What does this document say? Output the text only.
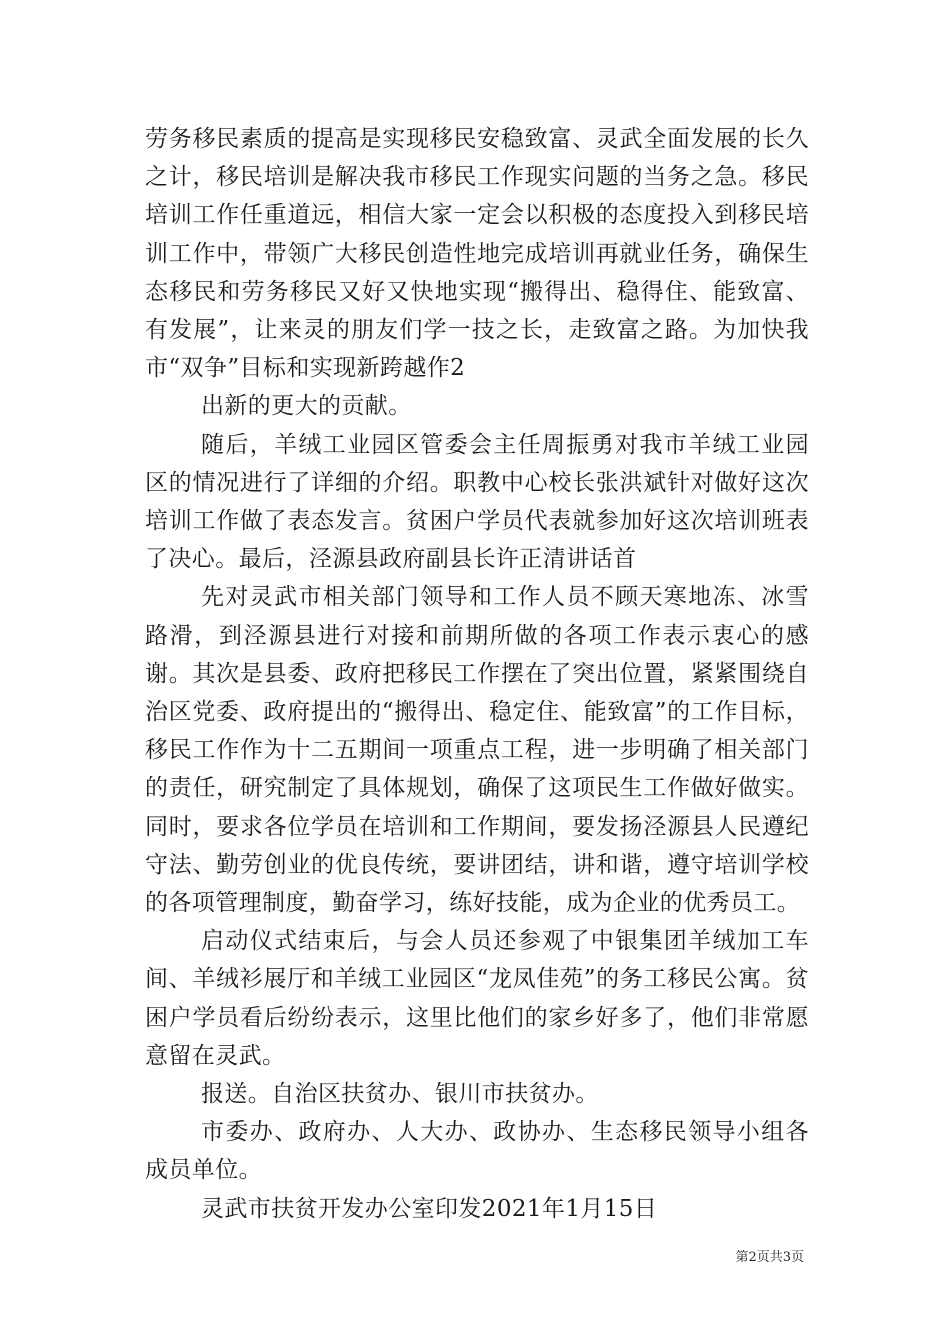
劳务移民素质的提高是实现移民安稳致富、灵武全面发展的长久之计，移民培训是解决我市移民工作现实问题的当务之急。移民培训工作任重道远，相信大家一定会以积极的态度投入到移民培训工作中，带领广大移民创造性地完成培训再就业任务，确保生态移民和劳务移民又好又快地实现“搬得出、稳得住、能致富、有发展”，让来灵的朋友们学一技之长，走致富之路。为加快我市“双争”目标和实现新跨越作2

出新的更大的贡献。

随后，羊绒工业园区管委会主任周振勇对我市羊绒工业园区的情况进行了详细的介绍。职教中心校长张洪斌针对做好这次培训工作做了表态发言。贫困户学员代表就参加好这次培训班表了决心。最后，泾源县政府副县长许正清讲话首

先对灵武市相关部门领导和工作人员不顾天寒地冻、冰雪路滑，到泾源县进行对接和前期所做的各项工作表示衷心的感谢。其次是县委、政府把移民工作摆在了突出位置，紧紧围绕自治区党委、政府提出的“搬得出、稳定住、能致富”的工作目标，移民工作作为十二五期间一项重点工程，进一步明确了相关部门的责任，研究制定了具体规划，确保了这项民生工作做好做实。同时，要求各位学员在培训和工作期间，要发扬泾源县人民遵纪守法、勤劳创业的优良传统，要讲团结，讲和谐，遵守培训学校的各项管理制度，勤奋学习，练好技能，成为企业的优秀员工。

启动仪式结束后，与会人员还参观了中银集团羊绒加工车间、羊绒衫展厅和羊绒工业园区“龙凤佳苑”的务工移民公寓。贫困户学员看后纷纷表示，这里比他们的家乡好多了，他们非常愿意留在灵武。

报送。自治区扶贫办、银川市扶贫办。

市委办、政府办、人大办、政协办、生态移民领导小组各成员单位。

灵武市扶贫开发办公室印发2021年1月15日

第2页共3页
